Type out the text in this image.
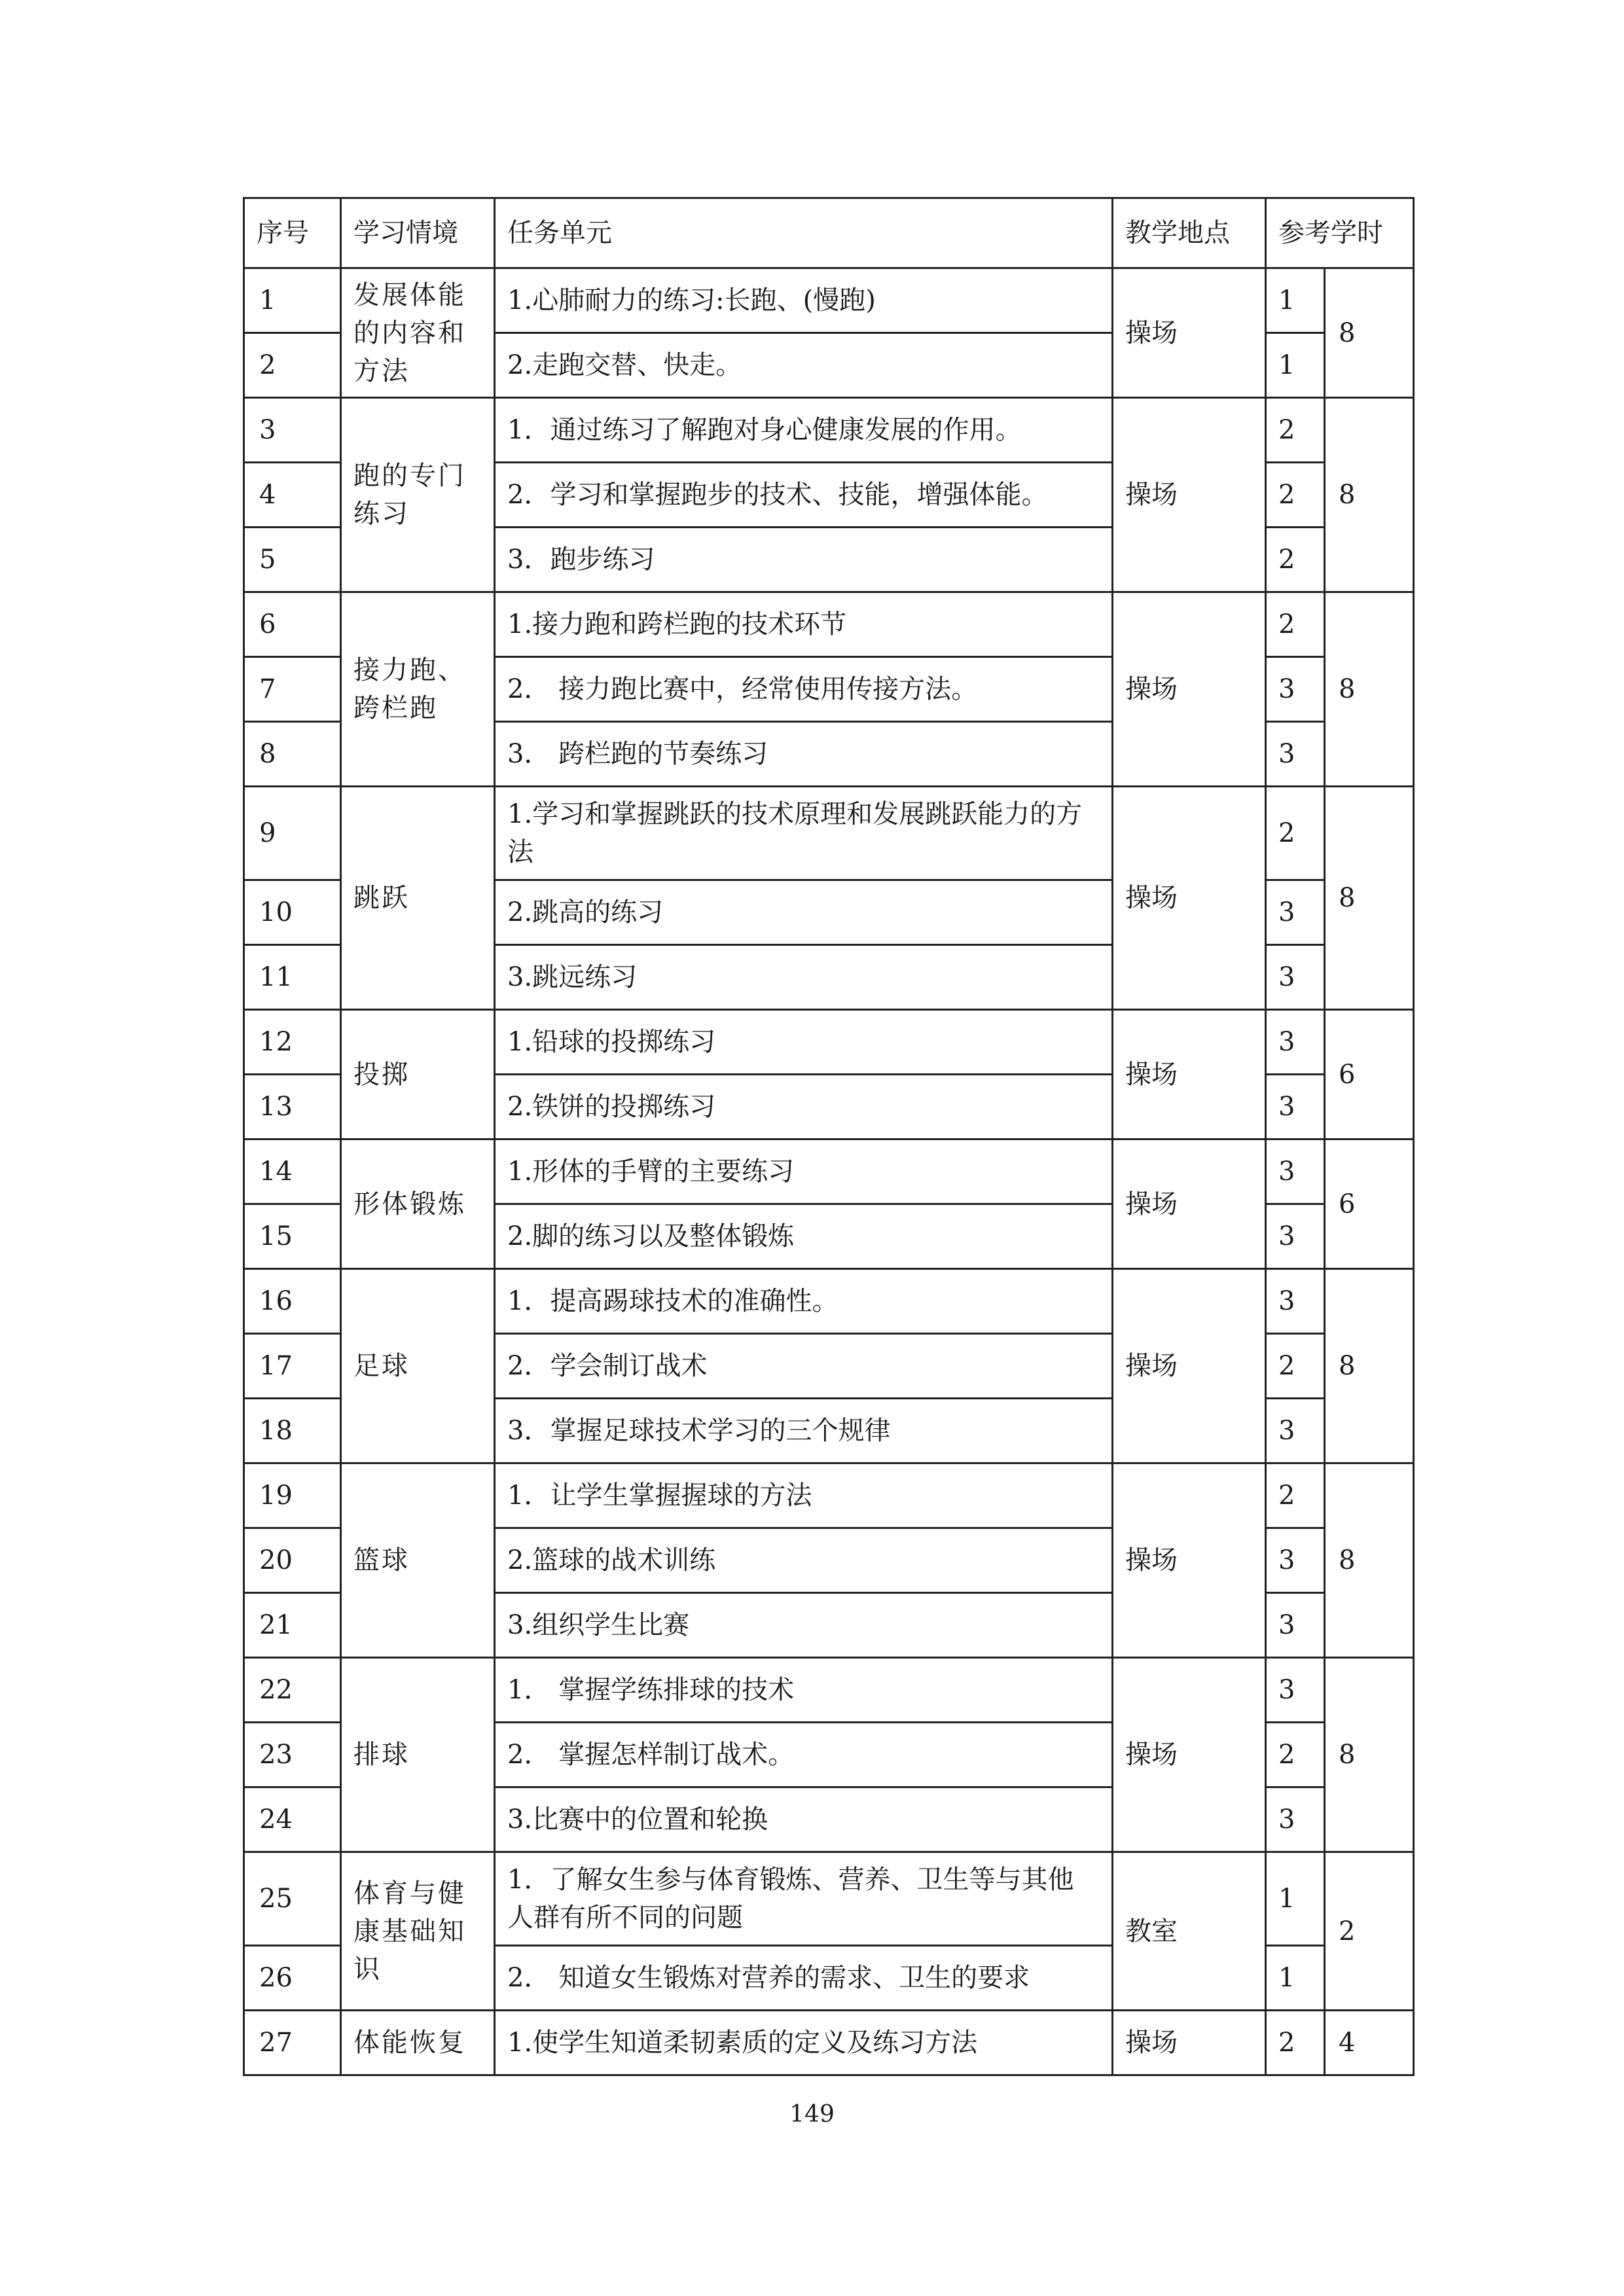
序号	学习情境	任务单元	教学地点	参考学时	
1	发展体能的内容和方法	1.心肺耐力的练习:长跑、(慢跑)	操场	1	8
2		2.走跑交替、快走。		1	
3	跑的专门练习	1．通过练习了解跑对身心健康发展的作用。	操场	2	8
4		2．学习和掌握跑步的技术、技能，增强体能。		2	
5		3．跑步练习		2	
6	接力跑、跨栏跑	1.接力跑和跨栏跑的技术环节	操场	2	8
7		2． 接力跑比赛中，经常使用传接方法。		3	
8		3． 跨栏跑的节奏练习		3	
9	跳跃	1.学习和掌握跳跃的技术原理和发展跳跃能力的方法	操场	2	8
10		2.跳高的练习		3	
11		3.跳远练习		3	
12	投掷	1.铅球的投掷练习	操场	3	6
13		2.铁饼的投掷练习		3	
14	形体锻炼	1.形体的手臂的主要练习	操场	3	6
15		2.脚的练习以及整体锻炼		3	
16	足球	1．提高踢球技术的准确性。	操场	3	8
17		2．学会制订战术		2	
18		3．掌握足球技术学习的三个规律		3	
19	篮球	1．让学生掌握握球的方法	操场	2	8
20		2.篮球的战术训练		3	
21		3.组织学生比赛		3	
22	排球	1． 掌握学练排球的技术	操场	3	8
23		2． 掌握怎样制订战术。		2	
24		3.比赛中的位置和轮换		3	
25	体育与健康基础知识	1．了解女生参与体育锻炼、营养、卫生等与其他人群有所不同的问题	教室	1	2
26		2． 知道女生锻炼对营养的需求、卫生的要求		1	
27	体能恢复	1.使学生知道柔韧素质的定义及练习方法	操场	2	4
149
